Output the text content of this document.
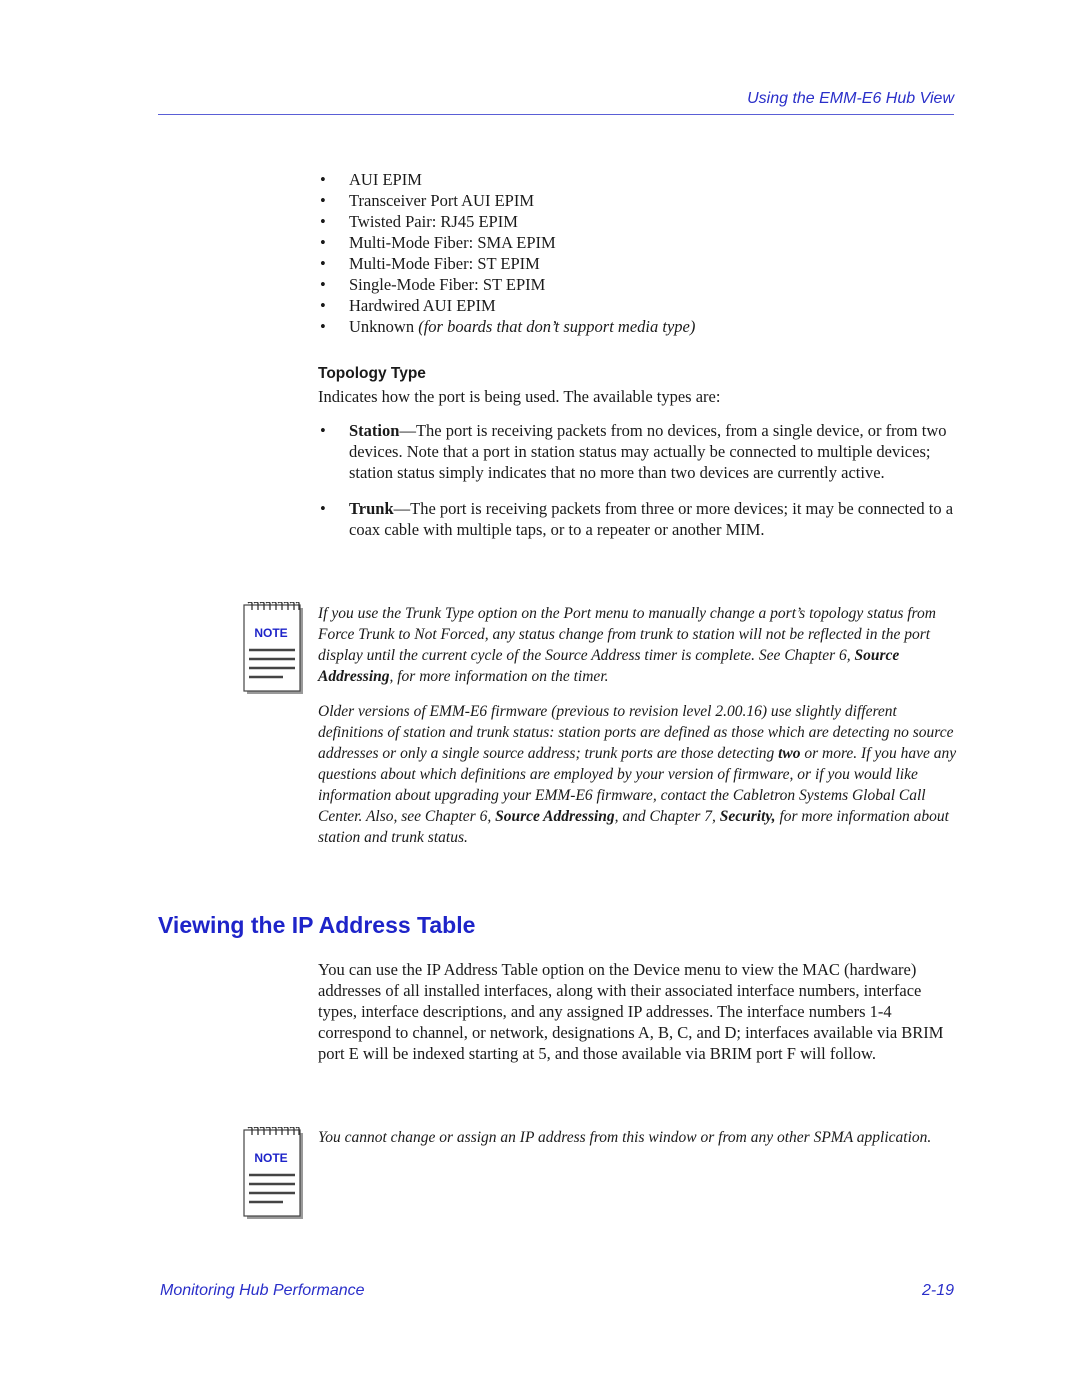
Using the EMM-E6 Hub View
• AUI EPIM
• Transceiver Port AUI EPIM
• Twisted Pair: RJ45 EPIM
• Multi-Mode Fiber: SMA EPIM
• Multi-Mode Fiber: ST EPIM
• Single-Mode Fiber: ST EPIM
• Hardwired AUI EPIM
• Unknown (for boards that don’t support media type)
Topology Type
Indicates how the port is being used. The available types are:
• Station—The port is receiving packets from no devices, from a single device, or from two devices. Note that a port in station status may actually be connected to multiple devices; station status simply indicates that no more than two devices are currently active.
• Trunk—The port is receiving packets from three or more devices; it may be connected to a coax cable with multiple taps, or to a repeater or another MIM.
NOTE
If you use the Trunk Type option on the Port menu to manually change a port’s topology status from Force Trunk to Not Forced, any status change from trunk to station will not be reflected in the port display until the current cycle of the Source Address timer is complete. See Chapter 6, Source Addressing, for more information on the timer.
Older versions of EMM-E6 firmware (previous to revision level 2.00.16) use slightly different definitions of station and trunk status: station ports are defined as those which are detecting no source addresses or only a single source address; trunk ports are those detecting two or more. If you have any questions about which definitions are employed by your version of firmware, or if you would like information about upgrading your EMM-E6 firmware, contact the Cabletron Systems Global Call Center. Also, see Chapter 6, Source Addressing, and Chapter 7, Security, for more information about station and trunk status.
Viewing the IP Address Table
You can use the IP Address Table option on the Device menu to view the MAC (hardware) addresses of all installed interfaces, along with their associated interface numbers, interface types, interface descriptions, and any assigned IP addresses. The interface numbers 1-4 correspond to channel, or network, designations A, B, C, and D; interfaces available via BRIM port E will be indexed starting at 5, and those available via BRIM port F will follow.
NOTE
You cannot change or assign an IP address from this window or from any other SPMA application.
Monitoring Hub Performance	2-19
